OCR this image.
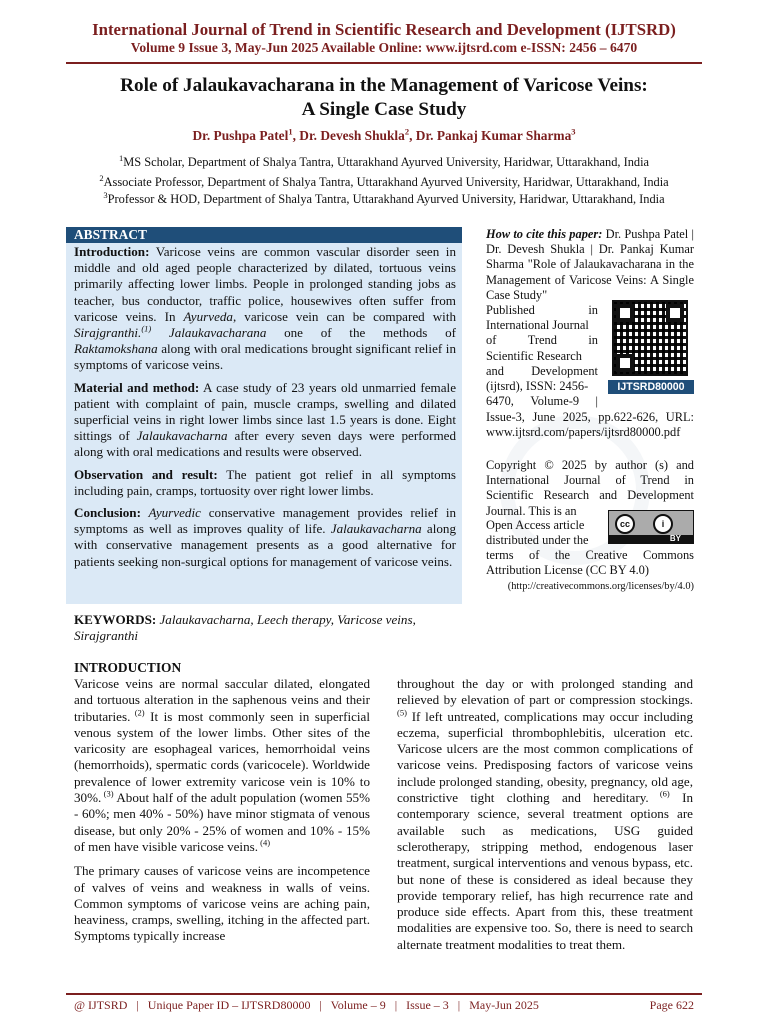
International Journal of Trend in Scientific Research and Development (IJTSRD)
Volume 9 Issue 3, May-Jun 2025 Available Online: www.ijtsrd.com e-ISSN: 2456 – 6470
Role of Jalaukavacharana in the Management of Varicose Veins:
A Single Case Study
Dr. Pushpa Patel$^1$, Dr. Devesh Shukla$^2$, Dr. Pankaj Kumar Sharma$^3$
$^1$MS Scholar, Department of Shalya Tantra, Uttarakhand Ayurved University, Haridwar, Uttarakhand, India
$^2$Associate Professor, Department of Shalya Tantra, Uttarakhand Ayurved University, Haridwar, Uttarakhand, India
$^3$Professor & HOD, Department of Shalya Tantra, Uttarakhand Ayurved University, Haridwar, Uttarakhand, India
ABSTRACT

Introduction: Varicose veins are common vascular disorder seen in middle and old aged people characterized by dilated, tortuous veins primarily affecting lower limbs. People in prolonged standing jobs as teacher, bus conductor, traffic police, housewives often suffer from varicose veins. In Ayurveda, varicose vein can be compared with Sirajgranthi.$^{(1)}$ Jalaukavacharana one of the methods of Raktamokshana along with oral medications brought significant relief in symptoms of varicose veins.

Material and method: A case study of 23 years old unmarried female patient with complaint of pain, muscle cramps, swelling and dilated superficial veins in right lower limbs since last 1.5 years is done. Eight sittings of Jalaukavacharna after every seven days were performed along with oral medications and results were observed.

Observation and result: The patient got relief in all symptoms including pain, cramps, tortuosity over right lower limbs.

Conclusion: Ayurvedic conservative management provides relief in symptoms as well as improves quality of life. Jalaukavacharna along with conservative management presents as a good alternative for patients seeking non-surgical options for management of varicose veins.

KEYWORDS: Jalaukavacharna, Leech therapy, Varicose veins, Sirajgranthi
How to cite this paper: Dr. Pushpa Patel | Dr. Devesh Shukla | Dr. Pankaj Kumar Sharma "Role of Jalaukavacharana in the Management of Varicose Veins: A Single Case Study"
Published	in
International Journal
of	Trend	in
Scientific Research
and Development
(ijtsrd), ISSN: 2456-
6470, Volume-9 |
IJTSRD80000
Issue-3, June 2025, pp.622-626, URL: www.ijtsrd.com/papers/ijtsrd80000.pdf
Copyright © 2025 by author (s) and International Journal of Trend in Scientific Research and Development Journal. This is an
Open Access article
distributed under the
terms of the Creative Commons Attribution License (CC BY 4.0)
(http://creativecommons.org/licenses/by/4.0)
cc	i
BY
INTRODUCTION

Varicose veins are normal saccular dilated, elongated and tortuous alteration in the saphenous veins and their tributaries. $^{(2)}$ It is most commonly seen in superficial venous system of the lower limbs. Other sites of the varicosity are esophageal varices, hemorrhoidal veins (hemorrhoids), spermatic cords (varicocele). Worldwide prevalence of lower extremity varicose vein is 10% to 30%. $^{(3)}$ About half of the adult population (women 55% - 60%; men 40% - 50%) have minor stigmata of venous disease, but only 20% - 25% of women and 10% - 15% of men have visible varicose veins. $^{(4)}$

The primary causes of varicose veins are incompetence of valves of veins and weakness in walls of veins. Common symptoms of varicose veins are aching pain, heaviness, cramps, swelling, itching in the affected part. Symptoms typically increase

throughout the day or with prolonged standing and relieved by elevation of part or compression stockings. $^{(5)}$ If left untreated, complications may occur including eczema, superficial thrombophlebitis, ulceration etc. Varicose ulcers are the most common complications of varicose veins. Predisposing factors of varicose veins include prolonged standing, obesity, pregnancy, old age, constrictive tight clothing and hereditary. $^{(6)}$ In contemporary science, several treatment options are available such as medications, USG guided sclerotherapy, stripping method, endogenous laser treatment, surgical interventions and venous bypass, etc. but none of these is considered as ideal because they provide temporary relief, has high recurrence rate and produce side effects. Apart from this, these treatment modalities are expensive too. So, there is need to search alternate treatment modalities to treat them.

@ IJTSRD   |   Unique Paper ID – IJTSRD80000   |   Volume – 9   |   Issue – 3   |   May-Jun 2025	Page 622
